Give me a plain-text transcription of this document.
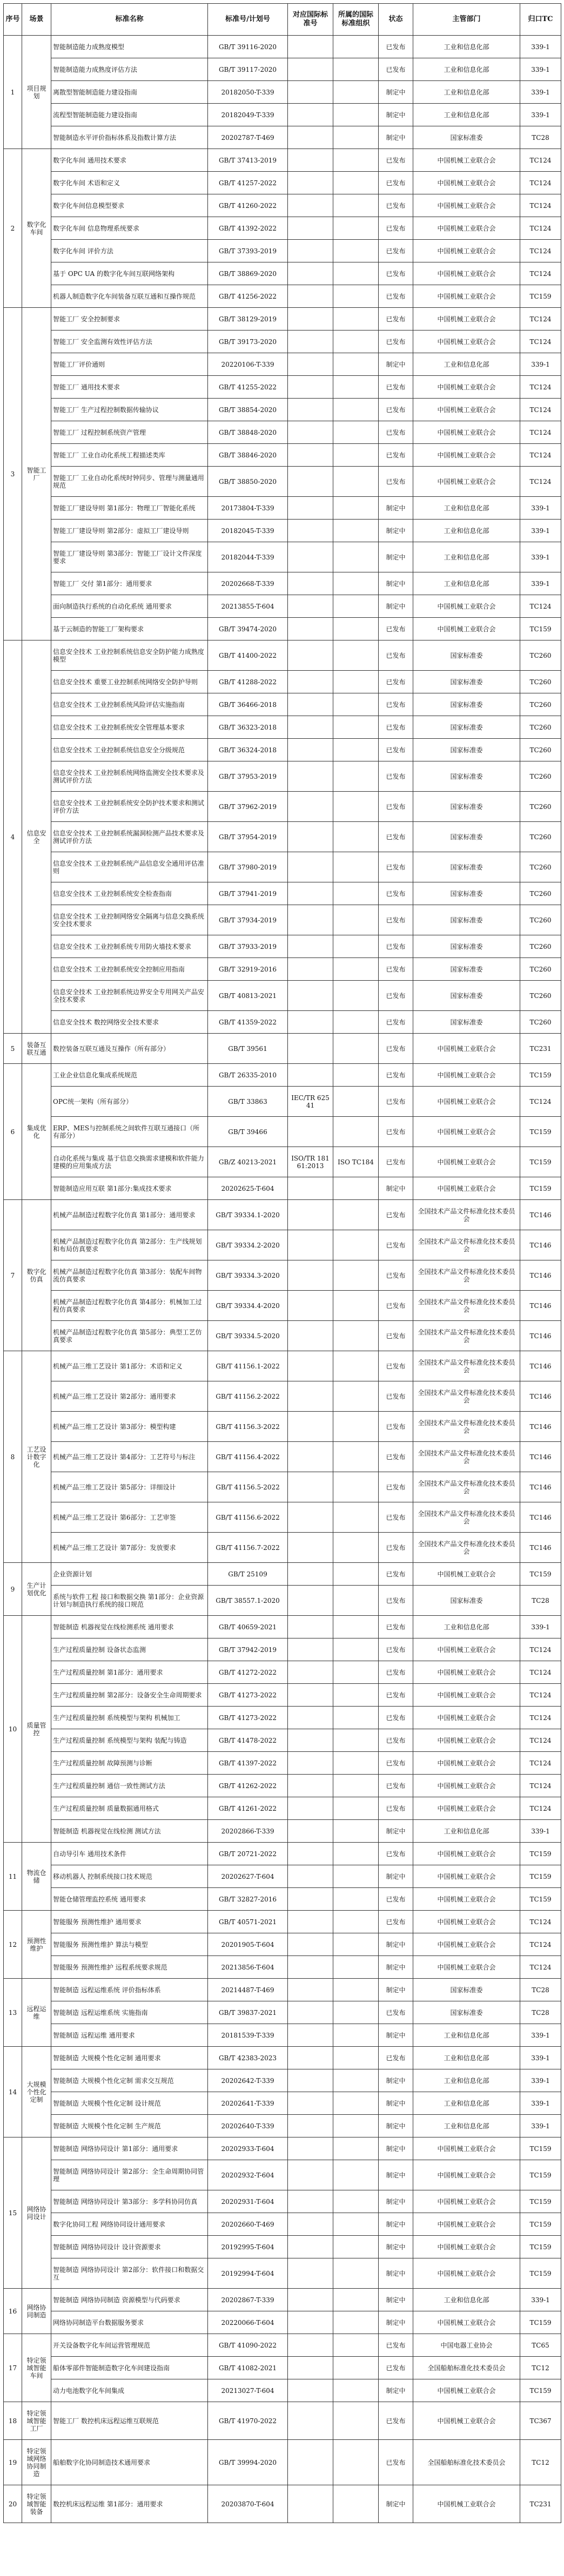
序号	场景	标准名称	标准号/计划号	对应国际标准号	所属的国际标准组织	状态	主管部门	归口TC
1	项目规划	智能制造能力成熟度模型	GB/T 39116-2020			已发布	工业和信息化部	339-1
		智能制造能力成熟度评估方法	GB/T 39117-2020			已发布	工业和信息化部	339-1
		离散型智能制造能力建设指南	20182050-T-339			制定中	工业和信息化部	339-1
		流程型智能制造能力建设指南	20182049-T-339			制定中	工业和信息化部	339-1
		智能制造水平评价指标体系及指数计算方法	20202787-T-469			制定中	国家标准委	TC28
2	数字化车间	数字化车间 通用技术要求	GB/T 37413-2019			已发布	中国机械工业联合会	TC124
		数字化车间 术语和定义	GB/T 41257-2022			已发布	中国机械工业联合会	TC124
		数字化车间信息模型要求	GB/T 41260-2022			已发布	中国机械工业联合会	TC124
		数字化车间 信息物理系统要求	GB/T 41392-2022			已发布	中国机械工业联合会	TC124
		数字化车间 评价方法	GB/T 37393-2019			已发布	中国机械工业联合会	TC124
		基于 OPC UA 的数字化车间互联网络架构	GB/T 38869-2020			已发布	中国机械工业联合会	TC124
		机器人制造数字化车间装备互联互通和互操作规范	GB/T 41256-2022			已发布	中国机械工业联合会	TC159
3	智能工厂	智能工厂 安全控制要求	GB/T 38129-2019			已发布	中国机械工业联合会	TC124
		智能工厂 安全监测有效性评估方法	GB/T 39173-2020			已发布	中国机械工业联合会	TC124
		智能工厂评价通则	20220106-T-339			制定中	工业和信息化部	339-1
		智能工厂 通用技术要求	GB/T 41255-2022			已发布	中国机械工业联合会	TC124
		智能工厂 生产过程控制数据传输协议	GB/T 38854-2020			已发布	中国机械工业联合会	TC124
		智能工厂 过程控制系统资产管理	GB/T 38848-2020			已发布	中国机械工业联合会	TC124
		智能工厂 工业自动化系统工程描述类库	GB/T 38846-2020			已发布	中国机械工业联合会	TC124
		智能工厂 工业自动化系统时钟同步、管理与测量通用规范	GB/T 38850-2020			已发布	中国机械工业联合会	TC124
		智能工厂建设导则 第1部分：物理工厂智能化系统	20173804-T-339			制定中	工业和信息化部	339-1
		智能工厂建设导则 第2部分：虚拟工厂建设导则	20182045-T-339			制定中	工业和信息化部	339-1
		智能工厂建设导则 第3部分：智能工厂设计文件深度要求	20182044-T-339			制定中	工业和信息化部	339-1
		智能工厂 交付 第1部分：通用要求	20202668-T-339			制定中	工业和信息化部	339-1
		面向制造执行系统的自动化系统 通用要求	20213855-T-604			制定中	中国机械工业联合会	TC124
		基于云制造的智能工厂架构要求	GB/T 39474-2020			已发布	中国机械工业联合会	TC159
4	信息安全	信息安全技术 工业控制系统信息安全防护能力成熟度模型	GB/T 41400-2022			已发布	国家标准委	TC260
		信息安全技术 重要工业控制系统网络安全防护导则	GB/T 41288-2022			已发布	国家标准委	TC260
		信息安全技术 工业控制系统风险评估实施指南	GB/T 36466-2018			已发布	国家标准委	TC260
		信息安全技术 工业控制系统安全管理基本要求	GB/T 36323-2018			已发布	国家标准委	TC260
		信息安全技术 工业控制系统信息安全分级规范	GB/T 36324-2018			已发布	国家标准委	TC260
		信息安全技术 工业控制系统网络监测安全技术要求及测试评价方法	GB/T 37953-2019			已发布	国家标准委	TC260
		信息安全技术 工业控制系统安全防护技术要求和测试评价方法	GB/T 37962-2019			已发布	国家标准委	TC260
		信息安全技术 工业控制系统漏洞检测产品技术要求及测试评价方法	GB/T 37954-2019			已发布	国家标准委	TC260
		信息安全技术 工业控制系统产品信息安全通用评估准则	GB/T 37980-2019			已发布	国家标准委	TC260
		信息安全技术 工业控制系统安全检查指南	GB/T 37941-2019			已发布	国家标准委	TC260
		信息安全技术 工业控制网络安全隔离与信息交换系统安全技术要求	GB/T 37934-2019			已发布	国家标准委	TC260
		信息安全技术 工业控制系统专用防火墙技术要求	GB/T 37933-2019			已发布	国家标准委	TC260
		信息安全技术 工业控制系统安全控制应用指南	GB/T 32919-2016			已发布	国家标准委	TC260
		信息安全技术 工业控制系统边界安全专用网关产品安全技术要求	GB/T 40813-2021			已发布	国家标准委	TC260
		信息安全技术 数控网络安全技术要求	GB/T 41359-2022			已发布	国家标准委	TC260
5	装备互联互通	数控装备互联互通及互操作（所有部分）	GB/T 39561			已发布	中国机械工业联合会	TC231
6	集成优化	工业企业信息化集成系统规范	GB/T 26335-2010			已发布	中国机械工业联合会	TC159
		OPC统一架构（所有部分）	GB/T 33863	IEC/TR 62541		已发布	中国机械工业联合会	TC124
		ERP、MES与控制系统之间软件互联互通接口（所有部分）	GB/T 39466			已发布	中国机械工业联合会	TC159
		自动化系统与集成 基于信息交换需求建模和软件能力建模的应用集成方法	GB/Z 40213-2021	ISO/TR 18161:2013	ISO TC184	已发布	中国机械工业联合会	TC159
		智能制造应用互联 第1部分:集成技术要求	20202625-T-604			制定中	中国机械工业联合会	TC159
7	数字化仿真	机械产品制造过程数字化仿真 第1部分：通用要求	GB/T 39334.1-2020			已发布	全国技术产品文件标准化技术委员会	TC146
		机械产品制造过程数字化仿真 第2部分：生产线规划和布局仿真要求	GB/T 39334.2-2020			已发布	全国技术产品文件标准化技术委员会	TC146
		机械产品制造过程数字化仿真 第3部分：装配车间物流仿真要求	GB/T 39334.3-2020			已发布	全国技术产品文件标准化技术委员会	TC146
		机械产品制造过程数字化仿真 第4部分：机械加工过程仿真要求	GB/T 39334.4-2020			已发布	全国技术产品文件标准化技术委员会	TC146
		机械产品制造过程数字化仿真 第5部分：典型工艺仿真要求	GB/T 39334.5-2020			已发布	全国技术产品文件标准化技术委员会	TC146
8	工艺设计数字化	机械产品三维工艺设计 第1部分：术语和定义	GB/T 41156.1-2022			已发布	全国技术产品文件标准化技术委员会	TC146
		机械产品三维工艺设计 第2部分：通用要求	GB/T 41156.2-2022			已发布	全国技术产品文件标准化技术委员会	TC146
		机械产品三维工艺设计 第3部分：模型构建	GB/T 41156.3-2022			已发布	全国技术产品文件标准化技术委员会	TC146
		机械产品三维工艺设计 第4部分：工艺符号与标注	GB/T 41156.4-2022			已发布	全国技术产品文件标准化技术委员会	TC146
		机械产品三维工艺设计 第5部分：详细设计	GB/T 41156.5-2022			已发布	全国技术产品文件标准化技术委员会	TC146
		机械产品三维工艺设计 第6部分：工艺审签	GB/T 41156.6-2022			已发布	全国技术产品文件标准化技术委员会	TC146
		机械产品三维工艺设计 第7部分：发放要求	GB/T 41156.7-2022			已发布	全国技术产品文件标准化技术委员会	TC146
9	生产计划优化	企业资源计划	GB/T 25109			已发布	中国机械工业联合会	TC159
		系统与软件工程 接口和数据交换 第1部分：企业资源计划与制造执行系统的接口规范	GB/T 38557.1-2020			已发布	国家标准委	TC28
10	质量管控	智能制造 机器视觉在线检测系统 通用要求	GB/T 40659-2021			已发布	工业和信息化部	339-1
		生产过程质量控制 设备状态监测	GB/T 37942-2019			已发布	中国机械工业联合会	TC124
		生产过程质量控制 第1部分：通用要求	GB/T 41272-2022			已发布	中国机械工业联合会	TC124
		生产过程质量控制 第2部分：设备安全生命周期要求	GB/T 41273-2022			已发布	中国机械工业联合会	TC124
		生产过程质量控制 系统模型与架构 机械加工	GB/T 41273-2022			已发布	中国机械工业联合会	TC124
		生产过程质量控制 系统模型与架构 装配与铸造	GB/T 41478-2022			已发布	中国机械工业联合会	TC124
		生产过程质量控制 故障预测与诊断	GB/T 41397-2022			已发布	中国机械工业联合会	TC124
		生产过程质量控制 通信一致性测试方法	GB/T 41262-2022			已发布	中国机械工业联合会	TC124
		生产过程质量控制 质量数据通用格式	GB/T 41261-2022			已发布	中国机械工业联合会	TC124
		智能制造 机器视觉在线检测 测试方法	20202866-T-339			制定中	工业和信息化部	339-1
11	物流仓储	自动导引车 通用技术条件	GB/T 20721-2022			已发布	中国机械工业联合会	TC159
		移动机器人 控制系统接口技术规范	20202627-T-604			制定中	中国机械工业联合会	TC159
		智能仓储管理监控系统 通用要求	GB/T 32827-2016			已发布	中国机械工业联合会	TC159
12	预测性维护	智能服务 预测性维护 通用要求	GB/T 40571-2021			已发布	中国机械工业联合会	TC124
		智能服务 预测性维护 算法与模型	20201905-T-604			制定中	中国机械工业联合会	TC124
		智能服务 预测性维护 远程系统要求规范	20213856-T-604			制定中	中国机械工业联合会	TC124
13	远程运维	智能制造 远程运维系统 评价指标体系	20214487-T-469			制定中	国家标准委	TC28
		智能制造 远程运维系统 实施指南	GB/T 39837-2021			已发布	国家标准委	TC28
		智能制造 远程运维 通用要求	20181539-T-339			制定中	工业和信息化部	339-1
14	大规模个性化定制	智能制造 大规模个性化定制 通用要求	GB/T 42383-2023			已发布	工业和信息化部	339-1
		智能制造 大规模个性化定制 需求交互规范	20202642-T-339			制定中	工业和信息化部	339-1
		智能制造 大规模个性化定制 设计规范	20202641-T-339			制定中	工业和信息化部	339-1
		智能制造 大规模个性化定制 生产规范	20202640-T-339			制定中	工业和信息化部	339-1
15	网络协同设计	智能制造 网络协同设计 第1部分：通用要求	20202933-T-604			制定中	中国机械工业联合会	TC159
		智能制造 网络协同设计 第2部分：全生命周期协同管理	20202932-T-604			制定中	中国机械工业联合会	TC159
		智能制造 网络协同设计 第3部分：多学科协同仿真	20202931-T-604			制定中	中国机械工业联合会	TC159
		数字化协同工程 网络协同设计通用要求	20202660-T-469			制定中	中国机械工业联合会	TC159
		智能制造 网络协同设计 设计资源要求	20192995-T-604			制定中	中国机械工业联合会	TC159
		智能制造 网络协同设计 第2部分：软件接口和数据交互	20192994-T-604			制定中	中国机械工业联合会	TC159
16	网络协同制造	智能制造 网络协同制造 资源模型与代码要求	20202867-T-339			制定中	工业和信息化部	339-1
		网络协同制造平台数据服务要求	20220066-T-604			制定中	中国机械工业联合会	TC159
17	特定领域智能车间	开关设备数字化车间运营管理规范	GB/T 41090-2022			已发布	中国电器工业协会	TC65
		船体零部件智能制造数字化车间建设指南	GB/T 41082-2021			已发布	全国船舶标准化技术委员会	TC12
		动力电池数字化车间集成	20213027-T-604			制定中	中国机械工业联合会	TC159
18	特定领域智能工厂	智能工厂 数控机床远程运维互联规范	GB/T 41970-2022			已发布	中国机械工业联合会	TC367
19	特定领域网络协同制造	船舶数字化协同制造技术通用要求	GB/T 39994-2020			已发布	全国船舶标准化技术委员会	TC12
20	特定领域智能装备	数控机床远程运维 第1部分：通用要求	20203870-T-604			制定中	中国机械工业联合会	TC231
